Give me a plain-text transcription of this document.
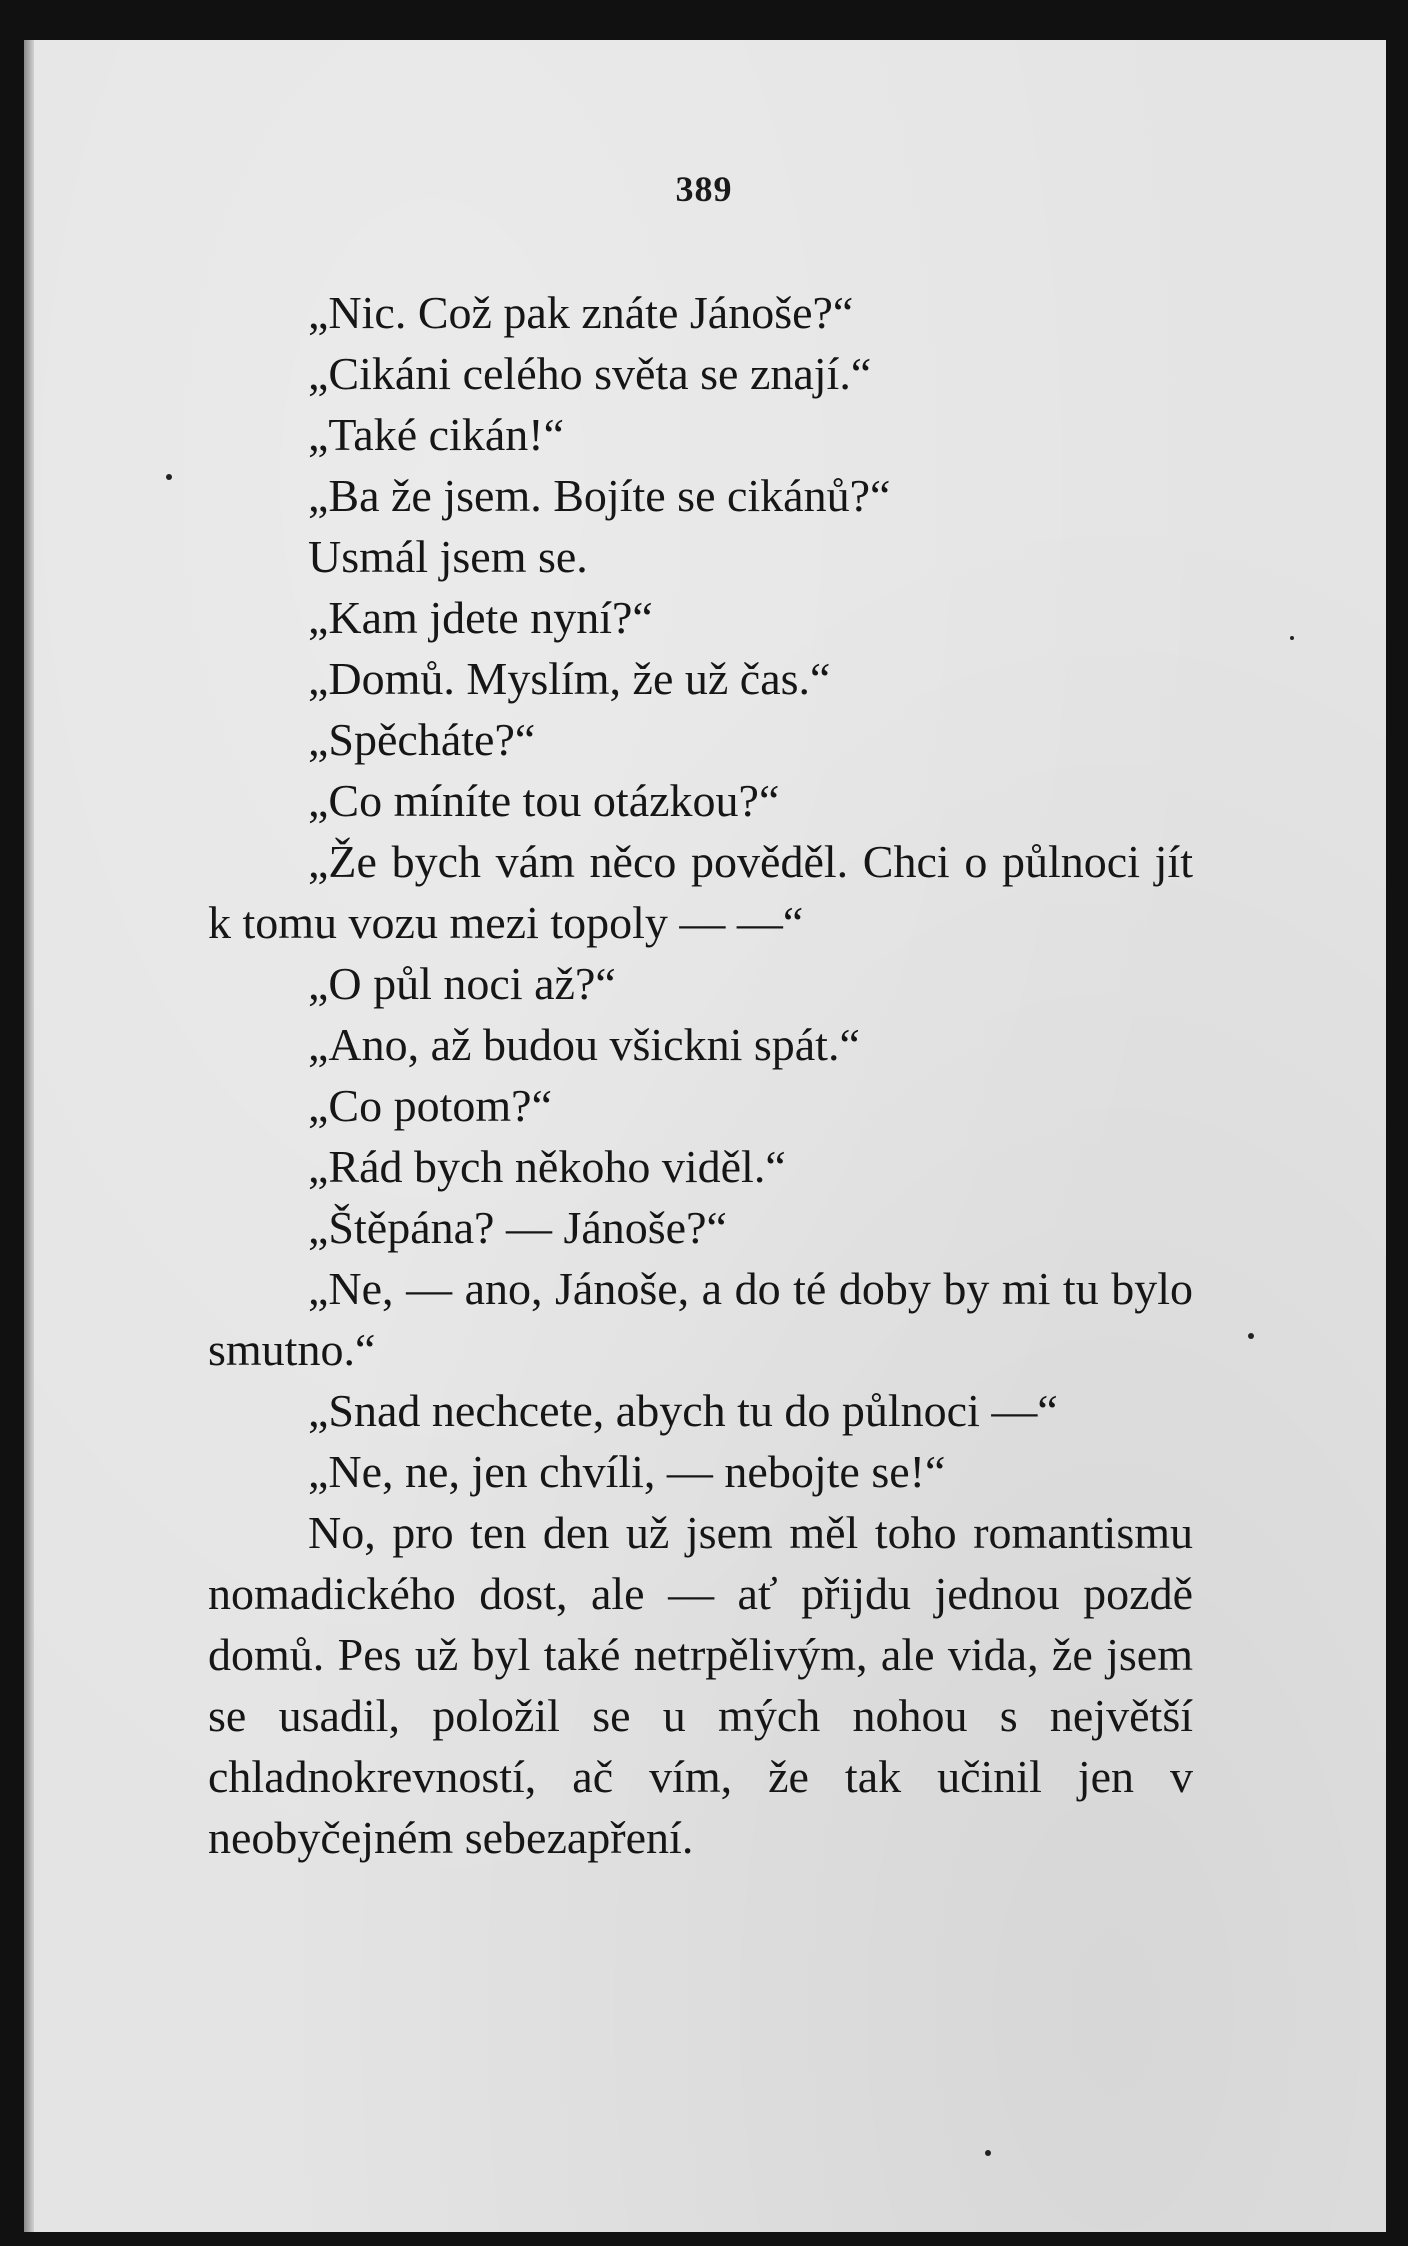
389

„Nic. Což pak znáte Jánoše?“

„Cikáni celého světa se znají.“

„Také cikán!“

„Ba že jsem. Bojíte se cikánů?“

Usmál jsem se.

„Kam jdete nyní?“

„Domů. Myslím, že už čas.“

„Spěcháte?“

„Co míníte tou otázkou?“

„Že bych vám něco pověděl. Chci o půlnoci jít k tomu vozu mezi topoly — —“

„O půl noci až?“

„Ano, až budou všickni spát.“

„Co potom?“

„Rád bych někoho viděl.“

„Štěpána? — Jánoše?“

„Ne, — ano, Jánoše, a do té doby by mi tu bylo smutno.“

„Snad nechcete, abych tu do půlnoci —“

„Ne, ne, jen chvíli, — nebojte se!“

No, pro ten den už jsem měl toho romantismu nomadického dost, ale — ať přijdu jednou pozdě domů. Pes už byl také netrpělivým, ale vida, že jsem se usadil, položil se u mých nohou s největší chladnokrevností, ač vím, že tak učinil jen v neobyčejném sebezapření.
